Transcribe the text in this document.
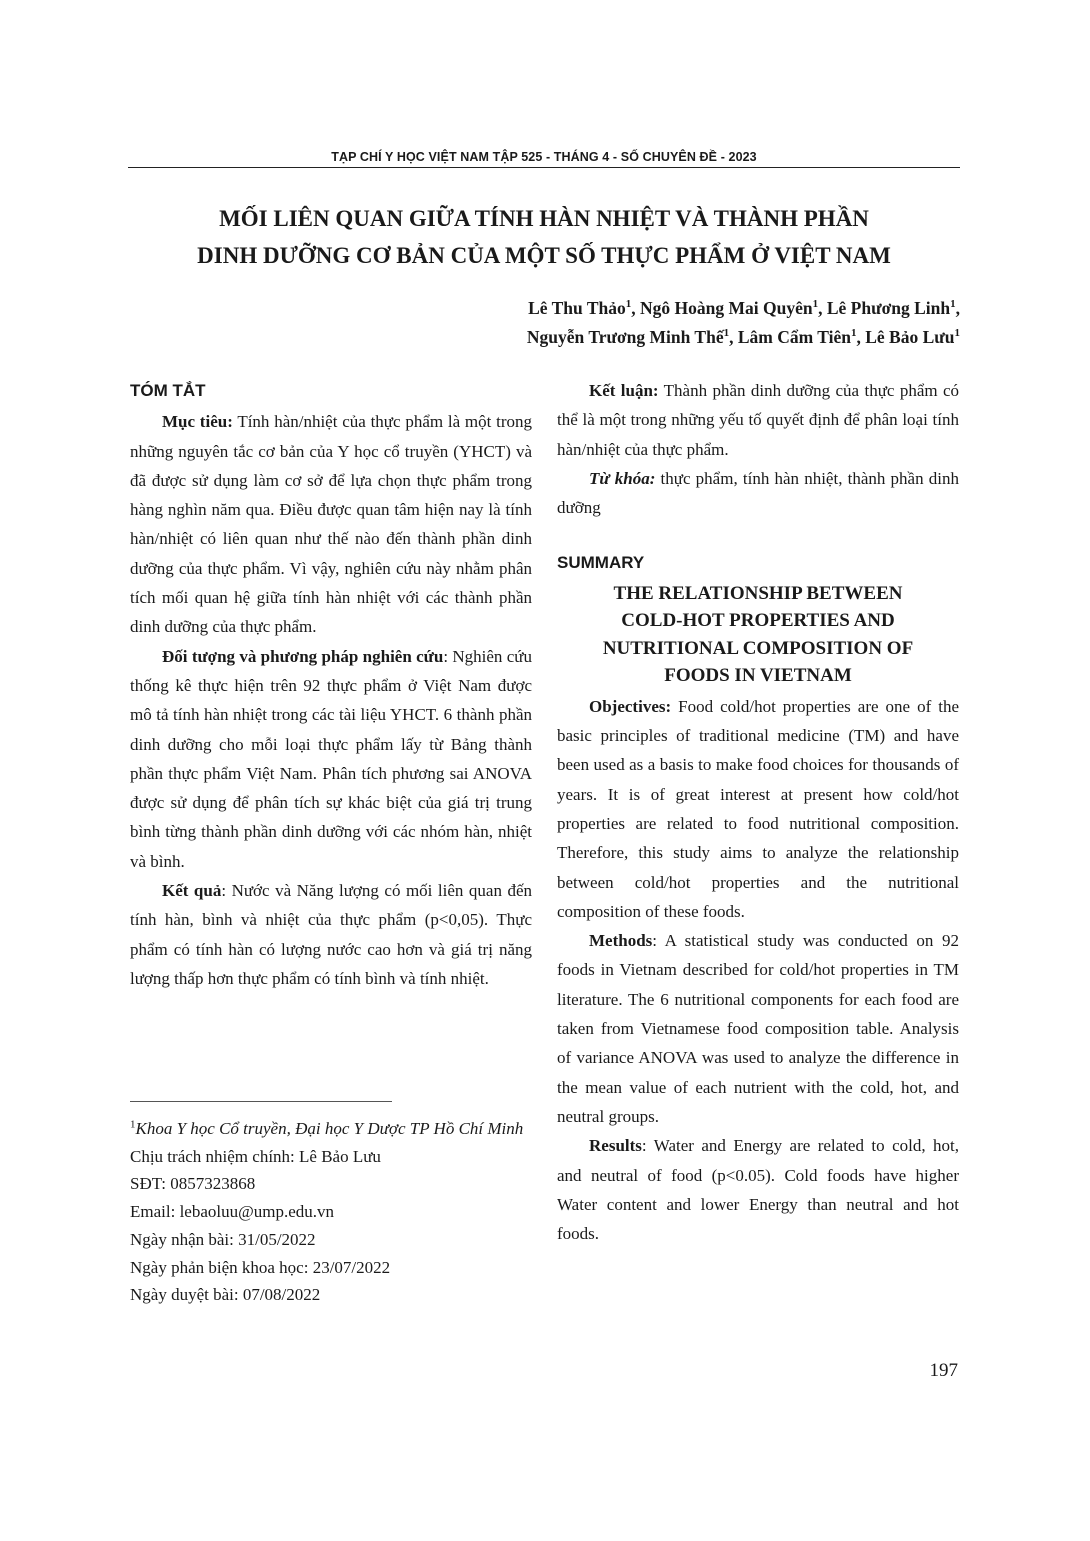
TẠP CHÍ Y HỌC VIỆT NAM TẬP 525 - THÁNG 4 - SỐ CHUYÊN ĐỀ - 2023
MỐI LIÊN QUAN GIỮA TÍNH HÀN NHIỆT VÀ THÀNH PHẦN
DINH DƯỠNG CƠ BẢN CỦA MỘT SỐ THỰC PHẨM Ở VIỆT NAM
Lê Thu Thảo$^1$, Ngô Hoàng Mai Quyên$^1$, Lê Phương Linh$^1$,
Nguyễn Trương Minh Thế$^1$, Lâm Cẩm Tiên$^1$, Lê Bảo Lưu$^1$
TÓM TẮT

Mục tiêu: Tính hàn/nhiệt của thực phẩm là một trong những nguyên tắc cơ bản của Y học cổ truyền (YHCT) và đã được sử dụng làm cơ sở để lựa chọn thực phẩm trong hàng nghìn năm qua. Điều được quan tâm hiện nay là tính hàn/nhiệt có liên quan như thế nào đến thành phần dinh dưỡng của thực phẩm. Vì vậy, nghiên cứu này nhằm phân tích mối quan hệ giữa tính hàn nhiệt với các thành phần dinh dưỡng của thực phẩm.

Đối tượng và phương pháp nghiên cứu: Nghiên cứu thống kê thực hiện trên 92 thực phẩm ở Việt Nam được mô tả tính hàn nhiệt trong các tài liệu YHCT. 6 thành phần dinh dưỡng cho mỗi loại thực phẩm lấy từ Bảng thành phần thực phẩm Việt Nam. Phân tích phương sai ANOVA được sử dụng để phân tích sự khác biệt của giá trị trung bình từng thành phần dinh dưỡng với các nhóm hàn, nhiệt và bình.

Kết quả: Nước và Năng lượng có mối liên quan đến tính hàn, bình và nhiệt của thực phẩm (p<0,05). Thực phẩm có tính hàn có lượng nước cao hơn và giá trị năng lượng thấp hơn thực phẩm có tính bình và tính nhiệt.

$^1$Khoa Y học Cổ truyền, Đại học Y Dược TP Hồ Chí Minh
Chịu trách nhiệm chính: Lê Bảo Lưu
SĐT: 0857323868
Email: lebaoluu@ump.edu.vn
Ngày nhận bài: 31/05/2022
Ngày phản biện khoa học: 23/07/2022
Ngày duyệt bài: 07/08/2022

Kết luận: Thành phần dinh dưỡng của thực phẩm có thể là một trong những yếu tố quyết định để phân loại tính hàn/nhiệt của thực phẩm.

Từ khóa: thực phẩm, tính hàn nhiệt, thành phần dinh dưỡng

SUMMARY
THE RELATIONSHIP BETWEEN
COLD-HOT PROPERTIES AND
NUTRITIONAL COMPOSITION OF
FOODS IN VIETNAM

Objectives: Food cold/hot properties are one of the basic principles of traditional medicine (TM) and have been used as a basis to make food choices for thousands of years. It is of great interest at present how cold/hot properties are related to food nutritional composition. Therefore, this study aims to analyze the relationship between cold/hot properties and the nutritional composition of these foods.

Methods: A statistical study was conducted on 92 foods in Vietnam described for cold/hot properties in TM literature. The 6 nutritional components for each food are taken from Vietnamese food composition table. Analysis of variance ANOVA was used to analyze the difference in the mean value of each nutrient with the cold, hot, and neutral groups.

Results: Water and Energy are related to cold, hot, and neutral of food (p<0.05). Cold foods have higher Water content and lower Energy than neutral and hot foods.

197
